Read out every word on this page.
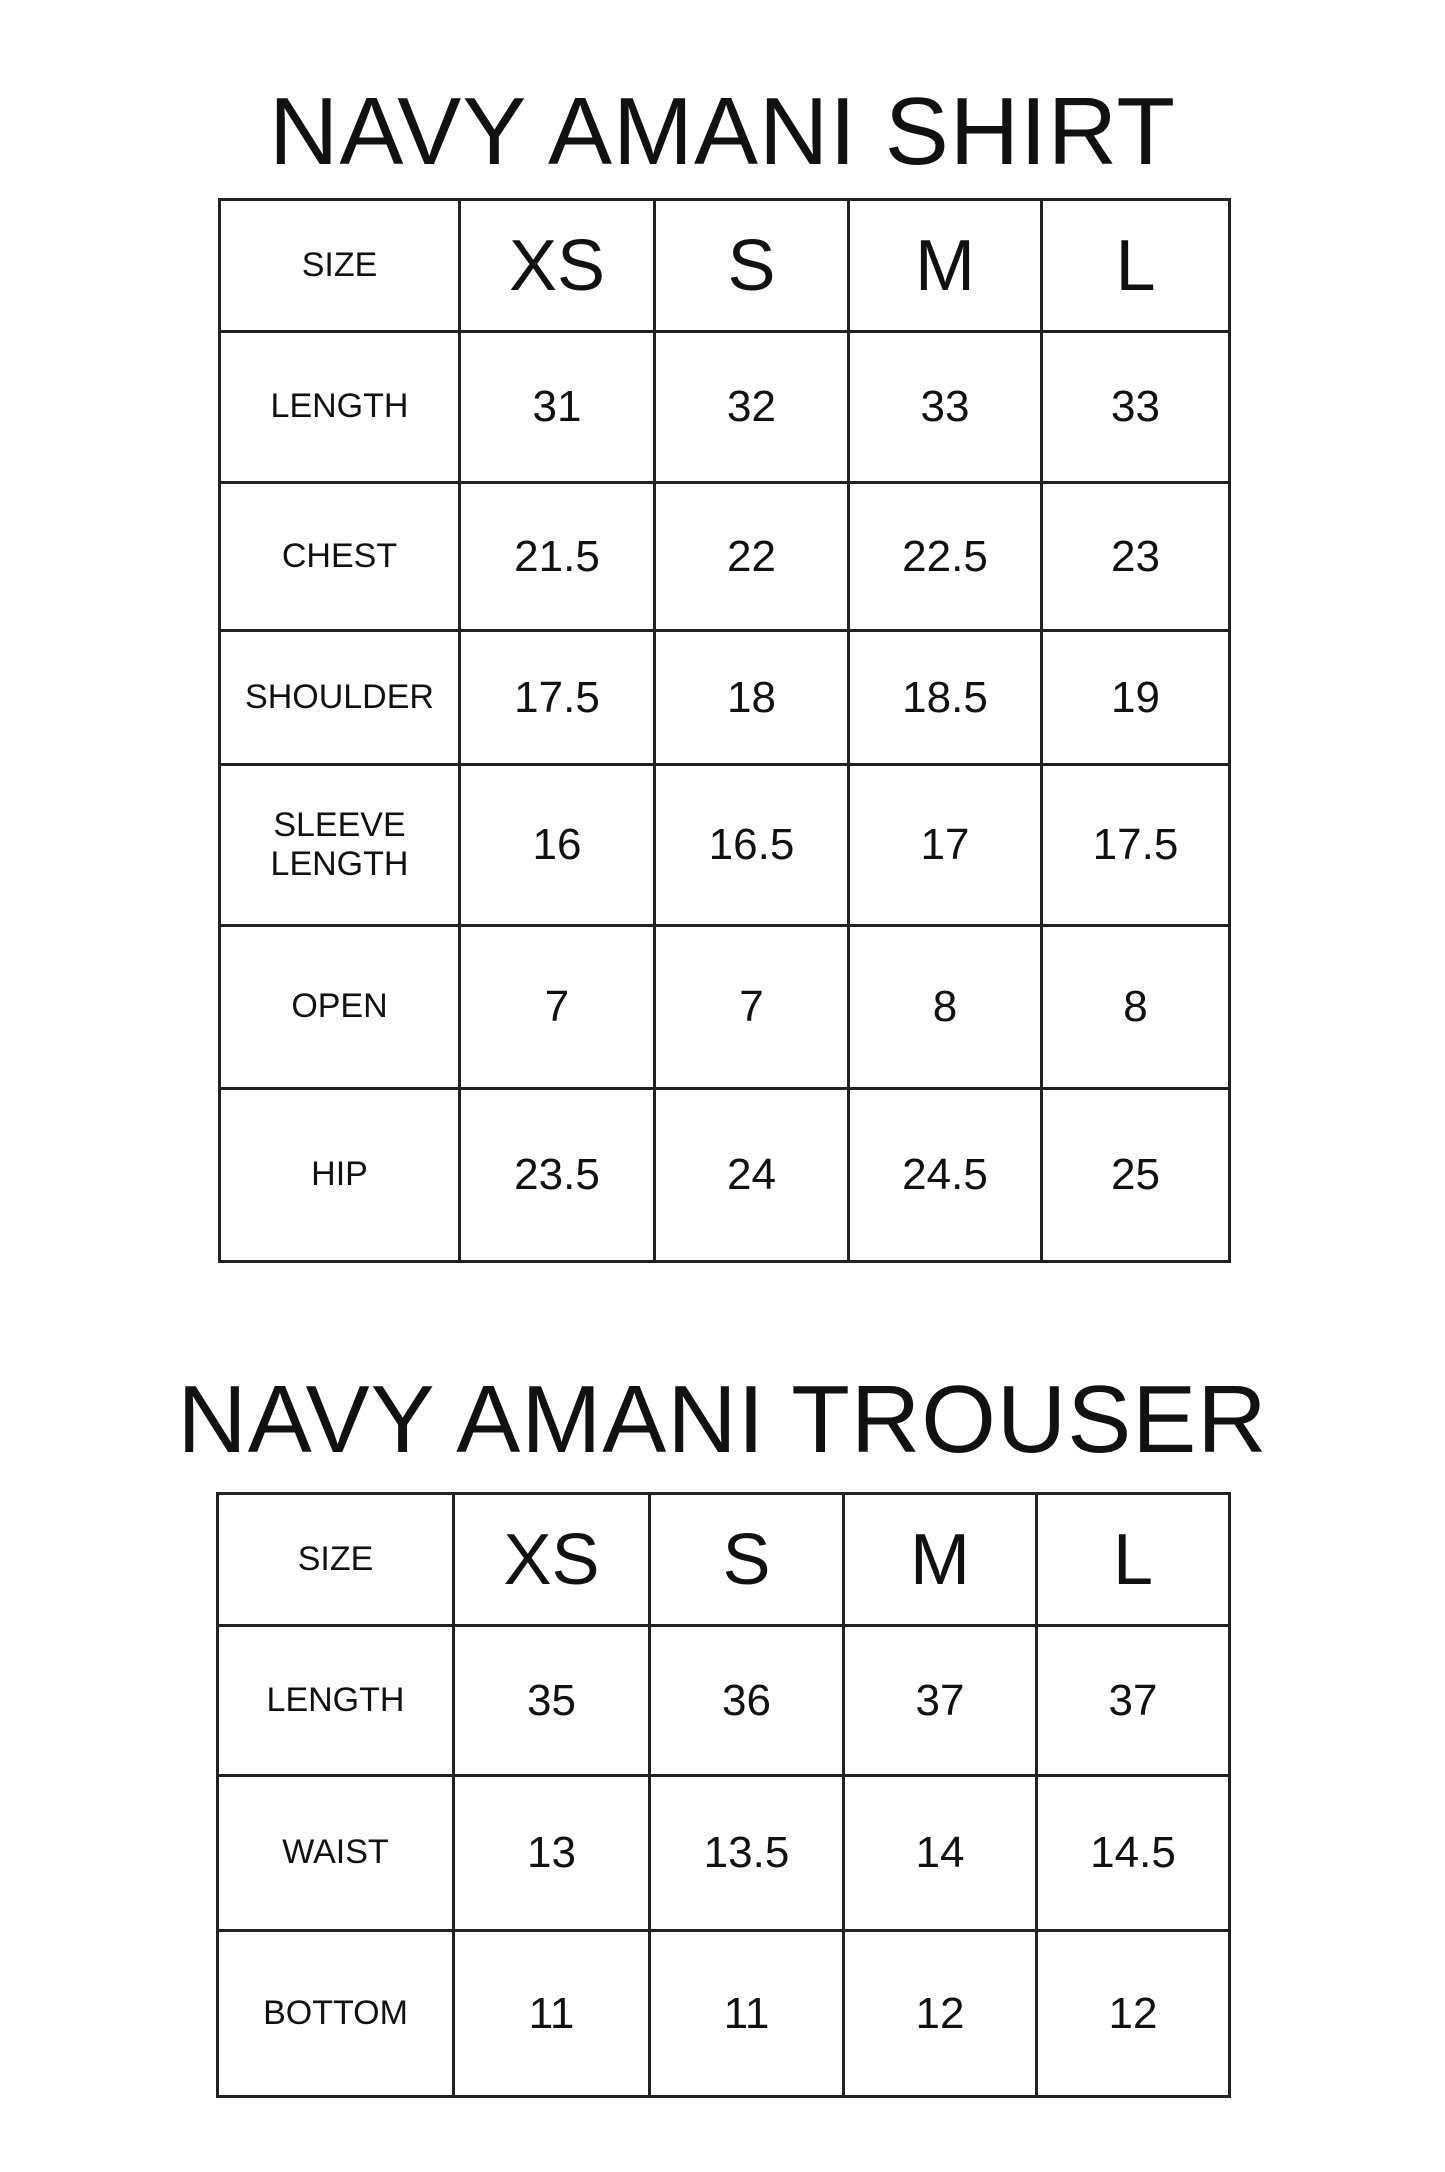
NAVY AMANI SHIRT
SIZE	XS	S	M	L
LENGTH	31	32	33	33
CHEST	21.5	22	22.5	23
SHOULDER	17.5	18	18.5	19
SLEEVE
LENGTH	16	16.5	17	17.5
OPEN	7	7	8	8
HIP	23.5	24	24.5	25
NAVY AMANI TROUSER
SIZE	XS	S	M	L
LENGTH	35	36	37	37
WAIST	13	13.5	14	14.5
BOTTOM	11	11	12	12
